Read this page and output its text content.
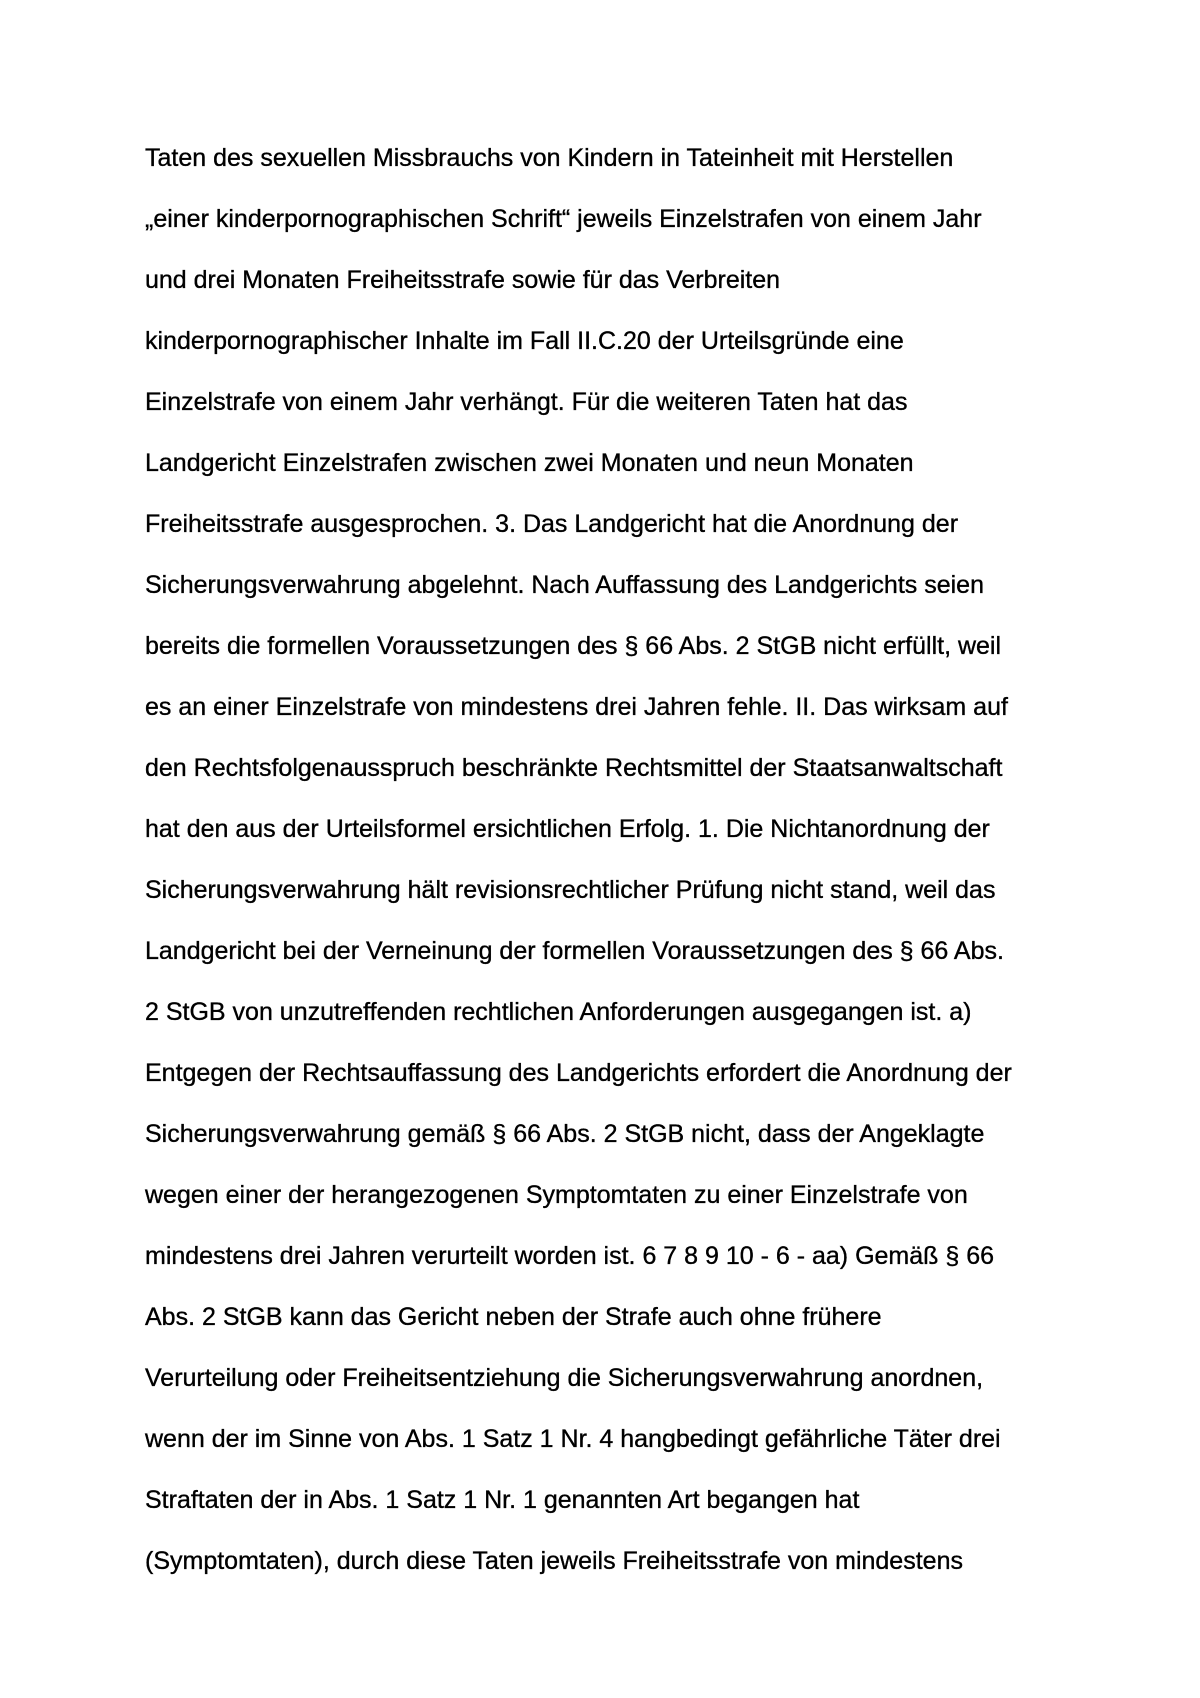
Taten des sexuellen Missbrauchs von Kindern in Tateinheit mit Herstellen
„einer kinderpornographischen Schrift“ jeweils Einzelstrafen von einem Jahr
und drei Monaten Freiheitsstrafe sowie für das Verbreiten
kinderpornographischer Inhalte im Fall II.C.20 der Urteilsgründe eine
Einzelstrafe von einem Jahr verhängt. Für die weiteren Taten hat das
Landgericht Einzelstrafen zwischen zwei Monaten und neun Monaten
Freiheitsstrafe ausgesprochen. 3. Das Landgericht hat die Anordnung der
Sicherungsverwahrung abgelehnt. Nach Auffassung des Landgerichts seien
bereits die formellen Voraussetzungen des § 66 Abs. 2 StGB nicht erfüllt, weil
es an einer Einzelstrafe von mindestens drei Jahren fehle. II. Das wirksam auf
den Rechtsfolgenausspruch beschränkte Rechtsmittel der Staatsanwaltschaft
hat den aus der Urteilsformel ersichtlichen Erfolg. 1. Die Nichtanordnung der
Sicherungsverwahrung hält revisionsrechtlicher Prüfung nicht stand, weil das
Landgericht bei der Verneinung der formellen Voraussetzungen des § 66 Abs.
2 StGB von unzutreffenden rechtlichen Anforderungen ausgegangen ist. a)
Entgegen der Rechtsauffassung des Landgerichts erfordert die Anordnung der
Sicherungsverwahrung gemäß § 66 Abs. 2 StGB nicht, dass der Angeklagte
wegen einer der herangezogenen Symptomtaten zu einer Einzelstrafe von
mindestens drei Jahren verurteilt worden ist. 6 7 8 9 10 - 6 - aa) Gemäß § 66
Abs. 2 StGB kann das Gericht neben der Strafe auch ohne frühere
Verurteilung oder Freiheitsentziehung die Sicherungsverwahrung anordnen,
wenn der im Sinne von Abs. 1 Satz 1 Nr. 4 hangbedingt gefährliche Täter drei
Straftaten der in Abs. 1 Satz 1 Nr. 1 genannten Art begangen hat
(Symptomtaten), durch diese Taten jeweils Freiheitsstrafe von mindestens
